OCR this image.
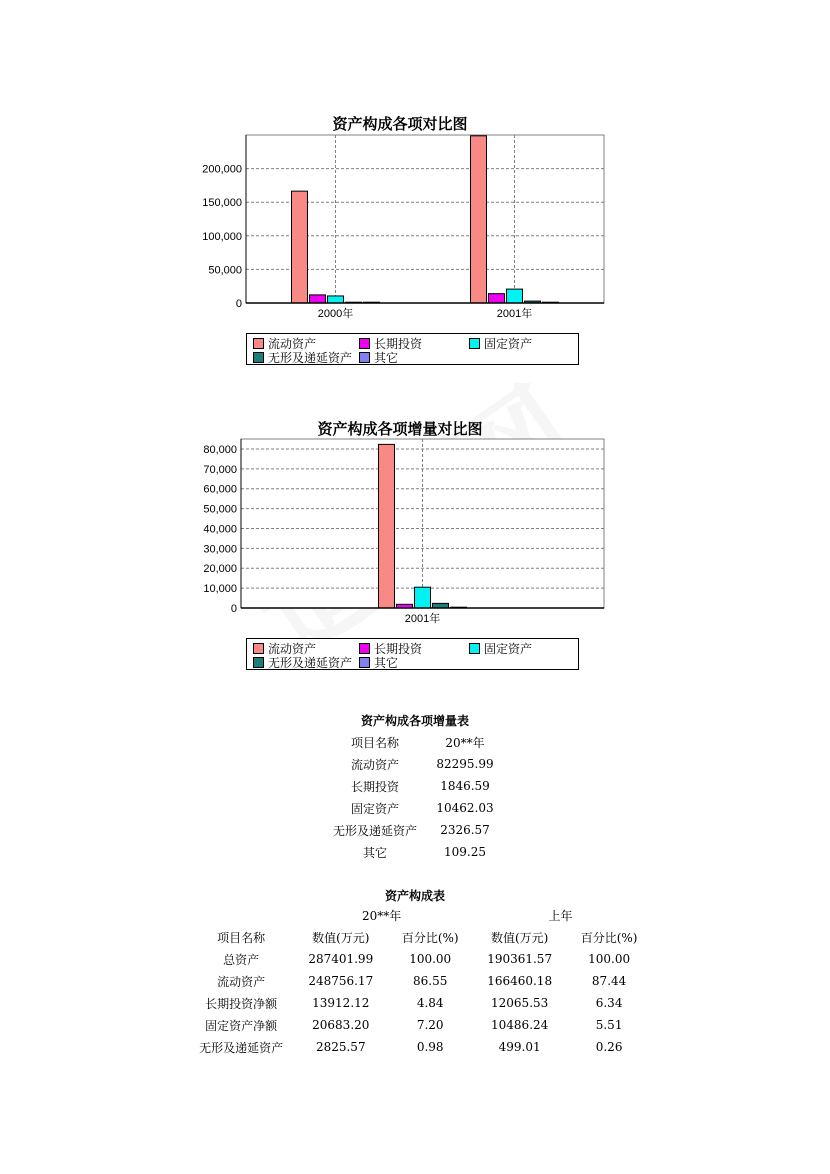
资产构成各项对比图
0
50,000
100,000
150,000
200,000
2000年	2001年
流动资产	长期投资	固定资产
无形及递延资产 其它
资产构成各项增量对比图
0
10,000
20,000
30,000
40,000
50,000
60,000
70,000
80,000
2001年
流动资产	长期投资	固定资产
无形及递延资产 其它
资产构成各项增量表
项目名称	20**年
流动资产	82295.99
长期投资	1846.59
固定资产	10462.03
无形及递延资产	2326.57
其它	109.25
资产构成表
	20**年		上年	
项目名称	数值(万元)	百分比(%)	数值(万元)	百分比(%)
总资产	287401.99	100.00	190361.57	100.00
流动资产	248756.17	86.55	166460.18	87.44
长期投资净额	13912.12	4.84	12065.53	6.34
固定资产净额	20683.20	7.20	10486.24	5.51
无形及递延资产	2825.57	0.98	499.01	0.26
